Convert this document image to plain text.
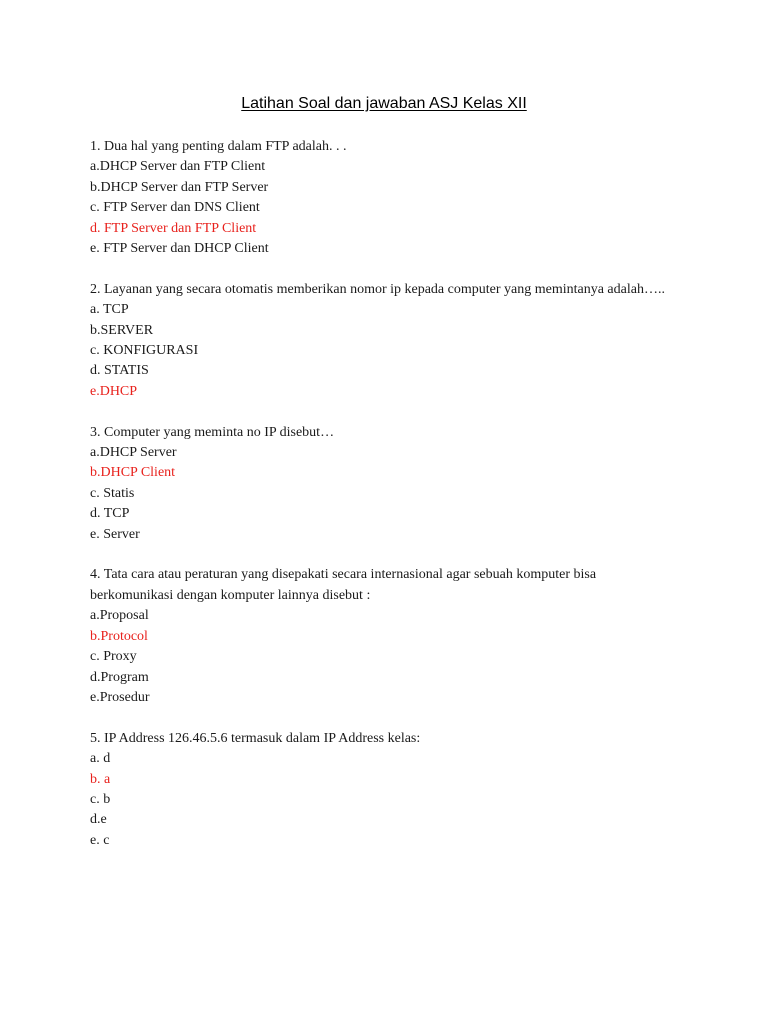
Latihan Soal dan jawaban ASJ Kelas XII
1. Dua hal yang penting dalam FTP adalah. . .
a.DHCP Server dan FTP Client
b.DHCP Server dan FTP Server
c. FTP Server dan DNS Client
d. FTP Server dan FTP Client
e. FTP Server dan DHCP Client
2. Layanan yang secara otomatis memberikan nomor ip kepada computer yang memintanya adalah…..
a. TCP
b.SERVER
c. KONFIGURASI
d. STATIS
e.DHCP
3. Computer yang meminta no IP disebut…
a.DHCP Server
b.DHCP Client
c. Statis
d. TCP
e. Server
4. Tata cara atau peraturan yang disepakati secara internasional agar sebuah komputer bisa berkomunikasi dengan komputer lainnya disebut :
a.Proposal
b.Protocol
c. Proxy
d.Program
e.Prosedur
5. IP Address 126.46.5.6 termasuk dalam IP Address kelas:
a. d
b. a
c. b
d.e
e. c
